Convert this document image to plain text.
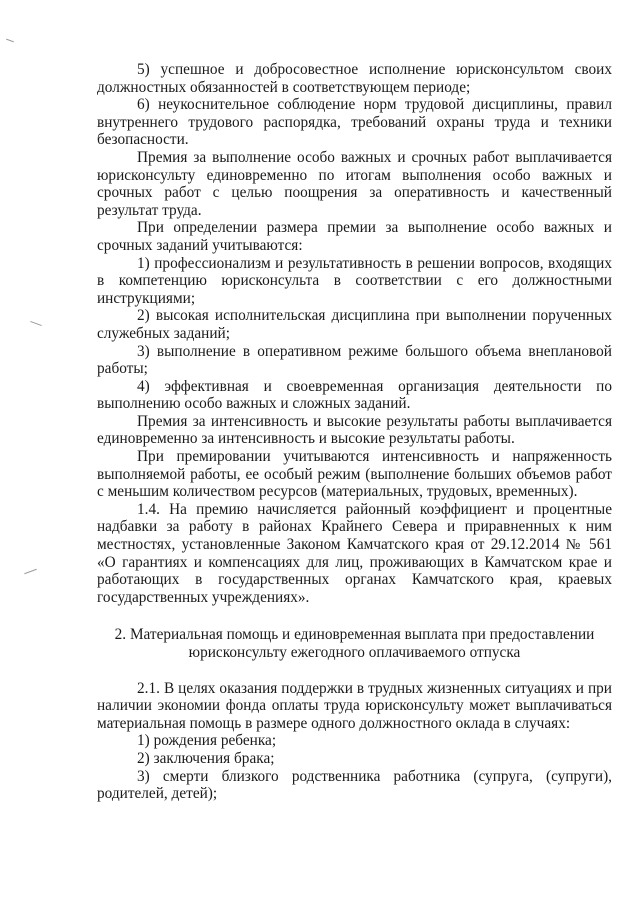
5) успешное и добросовестное исполнение юрисконсультом своих должностных обязанностей в соответствующем периоде;

6) неукоснительное соблюдение норм трудовой дисциплины, правил внутреннего трудового распорядка, требований охраны труда и техники безопасности.

Премия за выполнение особо важных и срочных работ выплачивается юрисконсульту единовременно по итогам выполнения особо важных и срочных работ с целью поощрения за оперативность и качественный результат труда.

При определении размера премии за выполнение особо важных и срочных заданий учитываются:

1) профессионализм и результативность в решении вопросов, входящих в компетенцию юрисконсульта в соответствии с его должностными инструкциями;

2) высокая исполнительская дисциплина при выполнении порученных служебных заданий;

3) выполнение в оперативном режиме большого объема внеплановой работы;

4) эффективная и своевременная организация деятельности по выполнению особо важных и сложных заданий.

Премия за интенсивность и высокие результаты работы выплачивается единовременно за интенсивность и высокие результаты работы.

При премировании учитываются интенсивность и напряженность выполняемой работы, ее особый режим (выполнение больших объемов работ с меньшим количеством ресурсов (материальных, трудовых, временных).

1.4. На премию начисляется районный коэффициент и процентные надбавки за работу в районах Крайнего Севера и приравненных к ним местностях, установленные Законом Камчатского края от 29.12.2014 № 561 «О гарантиях и компенсациях для лиц, проживающих в Камчатском крае и работающих в государственных органах Камчатского края, краевых государственных учреждениях».

2. Материальная помощь и единовременная выплата при предоставлении юрисконсульту ежегодного оплачиваемого отпуска

2.1. В целях оказания поддержки в трудных жизненных ситуациях и при наличии экономии фонда оплаты труда юрисконсульту может выплачиваться материальная помощь в размере одного должностного оклада в случаях:

1) рождения ребенка;

2) заключения брака;

3) смерти близкого родственника работника (супруга, (супруги), родителей, детей);
